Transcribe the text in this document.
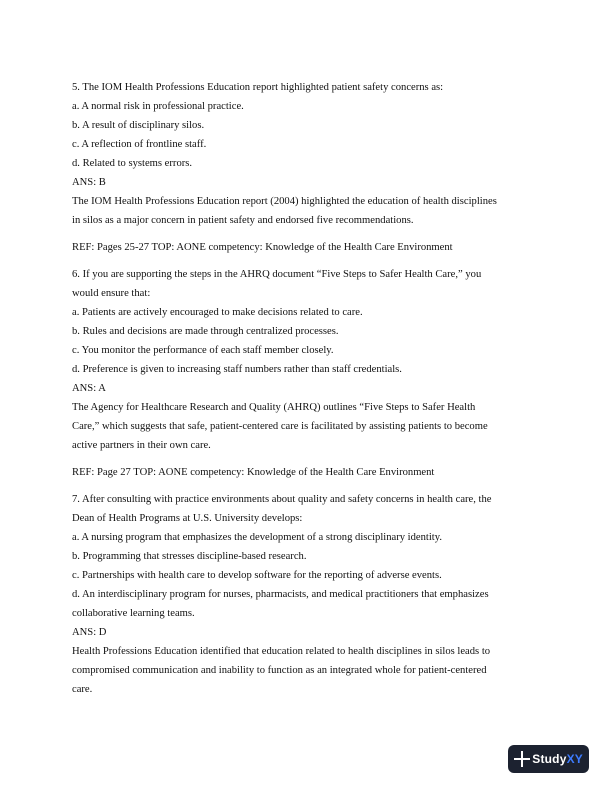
5. The IOM Health Professions Education report highlighted patient safety concerns as:
a. A normal risk in professional practice.
b. A result of disciplinary silos.
c. A reflection of frontline staff.
d. Related to systems errors.
ANS: B
The IOM Health Professions Education report (2004) highlighted the education of health disciplines
in silos as a major concern in patient safety and endorsed five recommendations.
REF: Pages 25-27 TOP: AONE competency: Knowledge of the Health Care Environment
6. If you are supporting the steps in the AHRQ document “Five Steps to Safer Health Care,” you
would ensure that:
a. Patients are actively encouraged to make decisions related to care.
b. Rules and decisions are made through centralized processes.
c. You monitor the performance of each staff member closely.
d. Preference is given to increasing staff numbers rather than staff credentials.
ANS: A
The Agency for Healthcare Research and Quality (AHRQ) outlines “Five Steps to Safer Health
Care,” which suggests that safe, patient-centered care is facilitated by assisting patients to become
active partners in their own care.
REF: Page 27 TOP: AONE competency: Knowledge of the Health Care Environment
7. After consulting with practice environments about quality and safety concerns in health care, the
Dean of Health Programs at U.S. University develops:
a. A nursing program that emphasizes the development of a strong disciplinary identity.
b. Programming that stresses discipline-based research.
c. Partnerships with health care to develop software for the reporting of adverse events.
d. An interdisciplinary program for nurses, pharmacists, and medical practitioners that emphasizes
collaborative learning teams.
ANS: D
Health Professions Education identified that education related to health disciplines in silos leads to
compromised communication and inability to function as an integrated whole for patient-centered
care.
StudyXY
